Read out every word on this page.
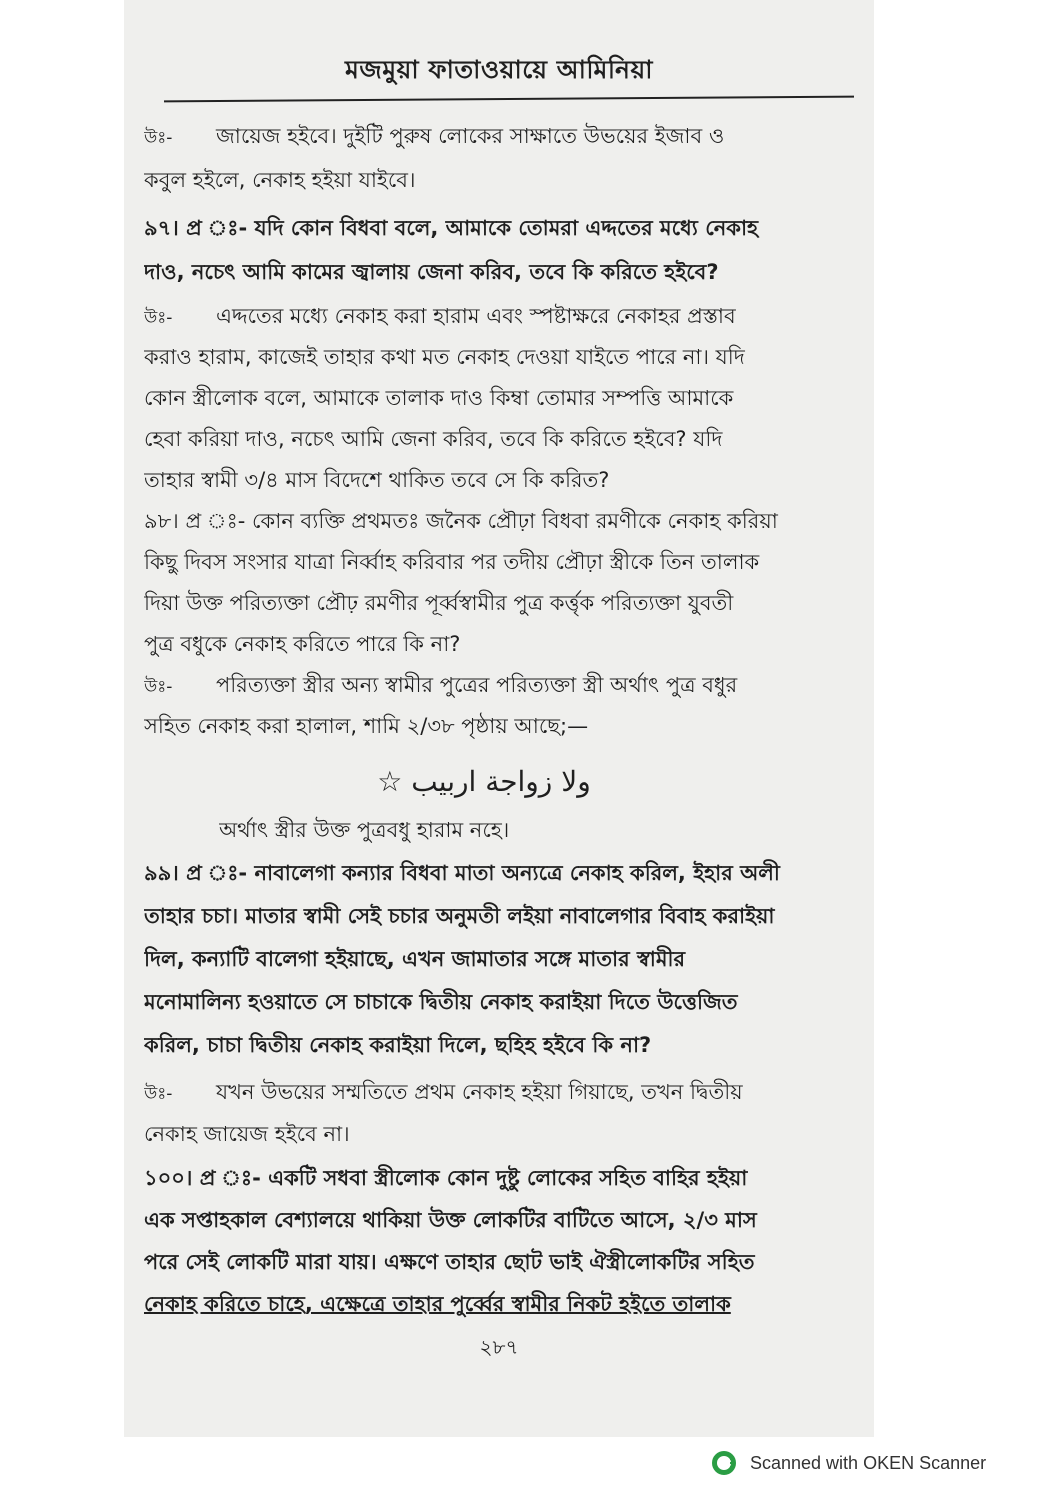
মজমুয়া ফাতাওয়ায়ে আমিনিয়া
উঃ- জায়েজ হইবে। দুইটি পুরুষ লোকের সাক্ষাতে উভয়ের ইজাব ও
কবুল হইলে, নেকাহ হইয়া যাইবে।
৯৭। প্র ঃ- যদি কোন বিধবা বলে, আমাকে তোমরা এদ্দতের মধ্যে নেকাহ
দাও, নচেৎ আমি কামের জ্বালায় জেনা করিব, তবে কি করিতে হইবে?
উঃ- এদ্দতের মধ্যে নেকাহ করা হারাম এবং স্পষ্টাক্ষরে নেকাহর প্রস্তাব
করাও হারাম, কাজেই তাহার কথা মত নেকাহ দেওয়া যাইতে পারে না। যদি
কোন স্ত্রীলোক বলে, আমাকে তালাক দাও কিম্বা তোমার সম্পত্তি আমাকে
হেবা করিয়া দাও, নচেৎ আমি জেনা করিব, তবে কি করিতে হইবে? যদি
তাহার স্বামী ৩/৪ মাস বিদেশে থাকিত তবে সে কি করিত?
৯৮। প্র ঃ- কোন ব্যক্তি প্রথমতঃ জনৈক প্রৌঢ়া বিধবা রমণীকে নেকাহ করিয়া
কিছু দিবস সংসার যাত্রা নির্ব্বাহ করিবার পর তদীয় প্রৌঢ়া স্ত্রীকে তিন তালাক
দিয়া উক্ত পরিত্যক্তা প্রৌঢ় রমণীর পূর্ব্বস্বামীর পুত্র কর্ত্তৃক পরিত্যক্তা যুবতী
পুত্র বধুকে নেকাহ করিতে পারে কি না?
উঃ- পরিত্যক্তা স্ত্রীর অন্য স্বামীর পুত্রের পরিত্যক্তা স্ত্রী অর্থাৎ পুত্র বধুর
সহিত নেকাহ করা হালাল, শামি ২/৩৮ পৃষ্ঠায় আছে;—
ولا زواجة اربيب ☆
অর্থাৎ স্ত্রীর উক্ত পুত্রবধু হারাম নহে।
৯৯। প্র ঃ- নাবালেগা কন্যার বিধবা মাতা অন্যত্রে নেকাহ করিল, ইহার অলী
তাহার চচা। মাতার স্বামী সেই চচার অনুমতী লইয়া নাবালেগার বিবাহ করাইয়া
দিল, কন্যাটি বালেগা হইয়াছে, এখন জামাতার সঙ্গে মাতার স্বামীর
মনোমালিন্য হওয়াতে সে চাচাকে দ্বিতীয় নেকাহ করাইয়া দিতে উত্তেজিত
করিল, চাচা দ্বিতীয় নেকাহ করাইয়া দিলে, ছহিহ হইবে কি না?
উঃ- যখন উভয়ের সম্মতিতে প্রথম নেকাহ হইয়া গিয়াছে, তখন দ্বিতীয়
নেকাহ জায়েজ হইবে না।
১০০। প্র ঃ- একটি সধবা স্ত্রীলোক কোন দুষ্টু লোকের সহিত বাহির হইয়া
এক সপ্তাহকাল বেশ্যালয়ে থাকিয়া উক্ত লোকটির বাটিতে আসে, ২/৩ মাস
পরে সেই লোকটি মারা যায়। এক্ষণে তাহার ছোট ভাই ঐস্ত্রীলোকটির সহিত
নেকাহ করিতে চাহে, এক্ষেত্রে তাহার পুর্ব্বের স্বামীর নিকট হইতে তালাক
২৮৭
Scanned with OKEN Scanner
